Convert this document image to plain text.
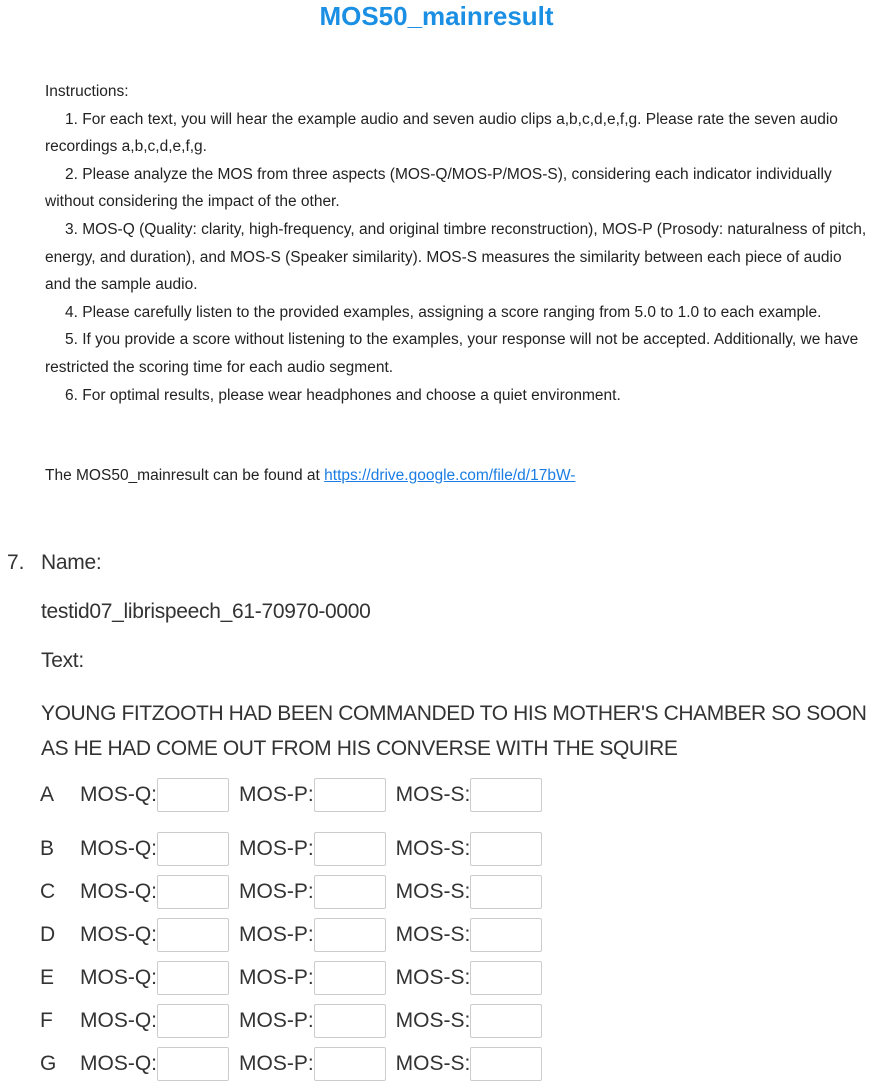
MOS50_mainresult

Instructions:

1. For each text, you will hear the example audio and seven audio clips a,b,c,d,e,f,g. Please rate the seven audio recordings a,b,c,d,e,f,g.

2. Please analyze the MOS from three aspects (MOS-Q/MOS-P/MOS-S), considering each indicator individually without considering the impact of the other.

3. MOS-Q (Quality: clarity, high-frequency, and original timbre reconstruction), MOS-P (Prosody: naturalness of pitch, energy, and duration), and MOS-S (Speaker similarity). MOS-S measures the similarity between each piece of audio and the sample audio.

4. Please carefully listen to the provided examples, assigning a score ranging from 5.0 to 1.0 to each example.

5. If you provide a score without listening to the examples, your response will not be accepted. Additionally, we have restricted the scoring time for each audio segment.

6. For optimal results, please wear headphones and choose a quiet environment.

The MOS50_mainresult can be found at https://drive.google.com/file/d/17bW-
7. Name:
testid07_librispeech_61-70970-0000
Text:
YOUNG FITZOOTH HAD BEEN COMMANDED TO HIS MOTHER'S CHAMBER SO SOON AS HE HAD COME OUT FROM HIS CONVERSE WITH THE SQUIRE
A	MOS-Q:	MOS-P:	MOS-S:
B	MOS-Q:	MOS-P:	MOS-S:
C	MOS-Q:	MOS-P:	MOS-S:
D	MOS-Q:	MOS-P:	MOS-S:
E	MOS-Q:	MOS-P:	MOS-S:
F	MOS-Q:	MOS-P:	MOS-S:
G	MOS-Q:	MOS-P:	MOS-S:
